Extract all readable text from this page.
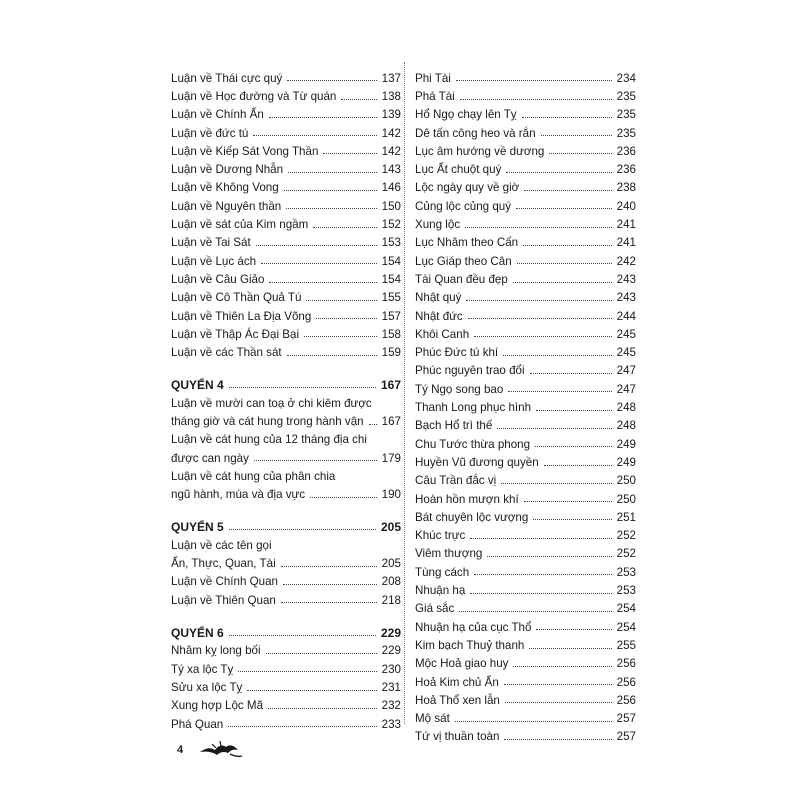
Luận về Thái cực quý	137
Luận về Học đường và Từ quán	138
Luận về Chính Ấn	139
Luận về đức tú	142
Luận về Kiếp Sát Vong Thần	142
Luận về Dương Nhẫn	143
Luận về Không Vong	146
Luận về Nguyên thần	150
Luận về sát của Kim ngầm	152
Luận về Tai Sát	153
Luận về Lục ách	154
Luận về Câu Giảo	154
Luận về Cô Thần Quả Tú	155
Luận về Thiên La Địa Võng	157
Luận về Thập Ác Đại Bại	158
Luận về các Thần sát	159
QUYỂN 4	167
Luận về mười can toạ ở chi kiêm được
tháng giờ và cát hung trong hành vận 167
Luận về cát hung của 12 tháng địa chi
được can ngày	179
Luận về cát hung của phân chia
ngũ hành, mùa và địa vực	190
QUYỂN 5	205
Luận về các tên gọi
Ấn, Thực, Quan, Tài	205
Luận về Chính Quan	208
Luận về Thiên Quan	218
QUYỂN 6	229
Nhâm kỵ long bối	229
Tý xa lộc Tỵ	230
Sửu xa lộc Tỵ	231
Xung hợp Lộc Mã	232
Phá Quan	233
Phi Tài	234
Phá Tài	235
Hổ Ngọ chạy lên Tỵ	235
Dê tấn công heo và rắn	235
Lục âm hướng về dương	236
Lục Ất chuột quý	236
Lộc ngày quy về giờ	238
Củng lộc củng quý	240
Xung lộc	241
Lục Nhâm theo Cấn	241
Lục Giáp theo Cân	242
Tài Quan đều đẹp	243
Nhật quý	243
Nhật đức	244
Khôi Canh	245
Phúc Đức tú khí	245
Phúc nguyên trao đổi	247
Tý Ngọ song bao	247
Thanh Long phục hình	248
Bạch Hổ trì thế	248
Chu Tước thừa phong	249
Huyền Vũ đương quyền	249
Câu Trần đắc vị	250
Hoàn hồn mượn khí	250
Bát chuyên lộc vượng	251
Khúc trực	252
Viêm thượng	252
Tùng cách	253
Nhuận hạ	253
Giá sắc	254
Nhuận hạ của cục Thổ	254
Kim bạch Thuỷ thanh	255
Mộc Hoả giao huy	256
Hoả Kim chủ Ấn	256
Hoả Thổ xen lẫn	256
Mộ sát	257
Tứ vị thuần toàn	257
4
